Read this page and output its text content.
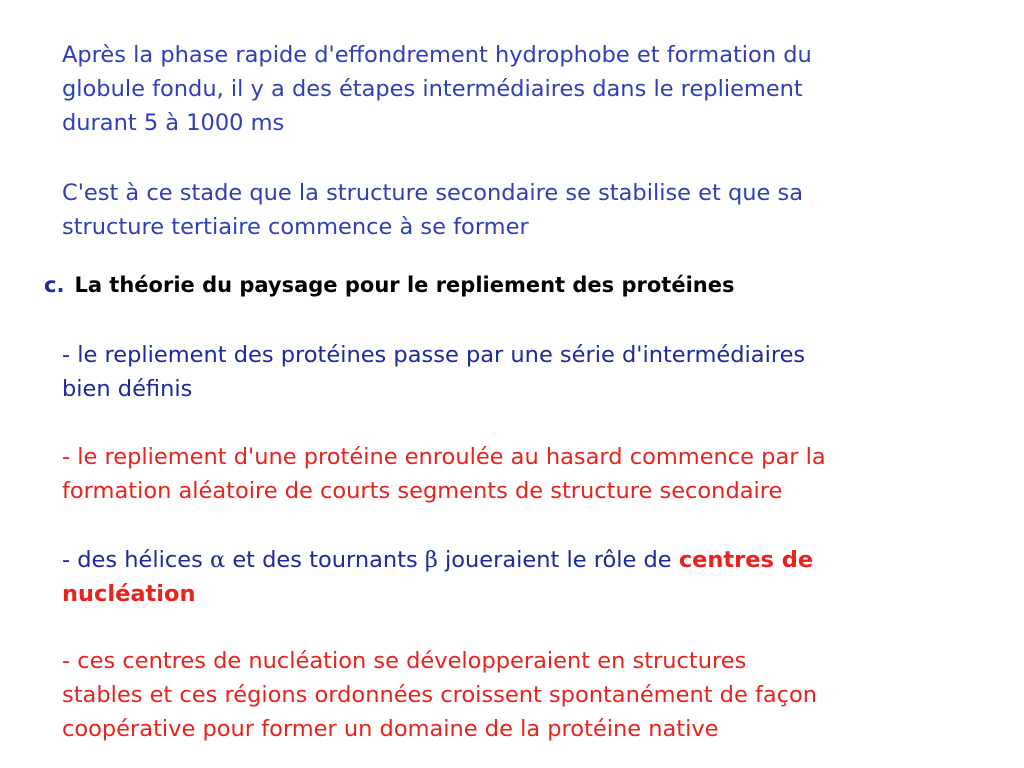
Après la phase rapide d'effondrement hydrophobe et formation du
globule fondu, il y a des étapes intermédiaires dans le repliement
durant 5 à 1000 ms

C'est à ce stade que la structure secondaire se stabilise et que sa
structure tertiaire commence à se former

c. La théorie du paysage pour le repliement des protéines

- le repliement des protéines passe par une série d'intermédiaires
bien définis

- le repliement d'une protéine enroulée au hasard commence par la
formation aléatoire de courts segments de structure secondaire

- des hélices α et des tournants β joueraient le rôle de centres de
nucléation

- ces centres de nucléation se développeraient en structures
stables et ces régions ordonnées croissent spontanément de façon
coopérative pour former un domaine de la protéine native
